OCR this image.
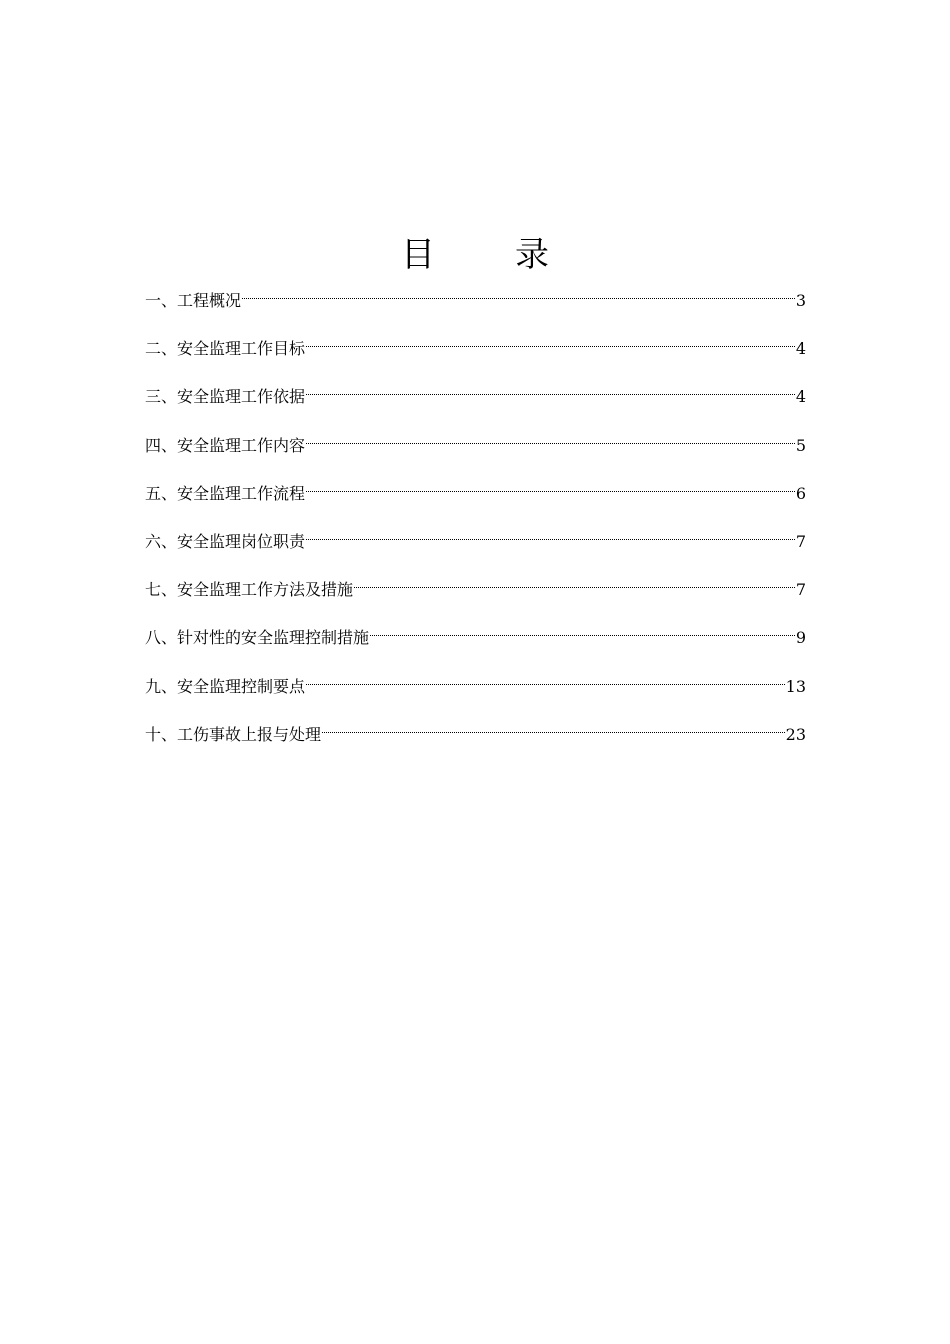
目录
一、工程概况	3
二、安全监理工作目标	4
三、安全监理工作依据	4
四、安全监理工作内容	5
五、安全监理工作流程	6
六、安全监理岗位职责	7
七、安全监理工作方法及措施	7
八、针对性的安全监理控制措施	9
九、安全监理控制要点	13
十、工伤事故上报与处理	23
